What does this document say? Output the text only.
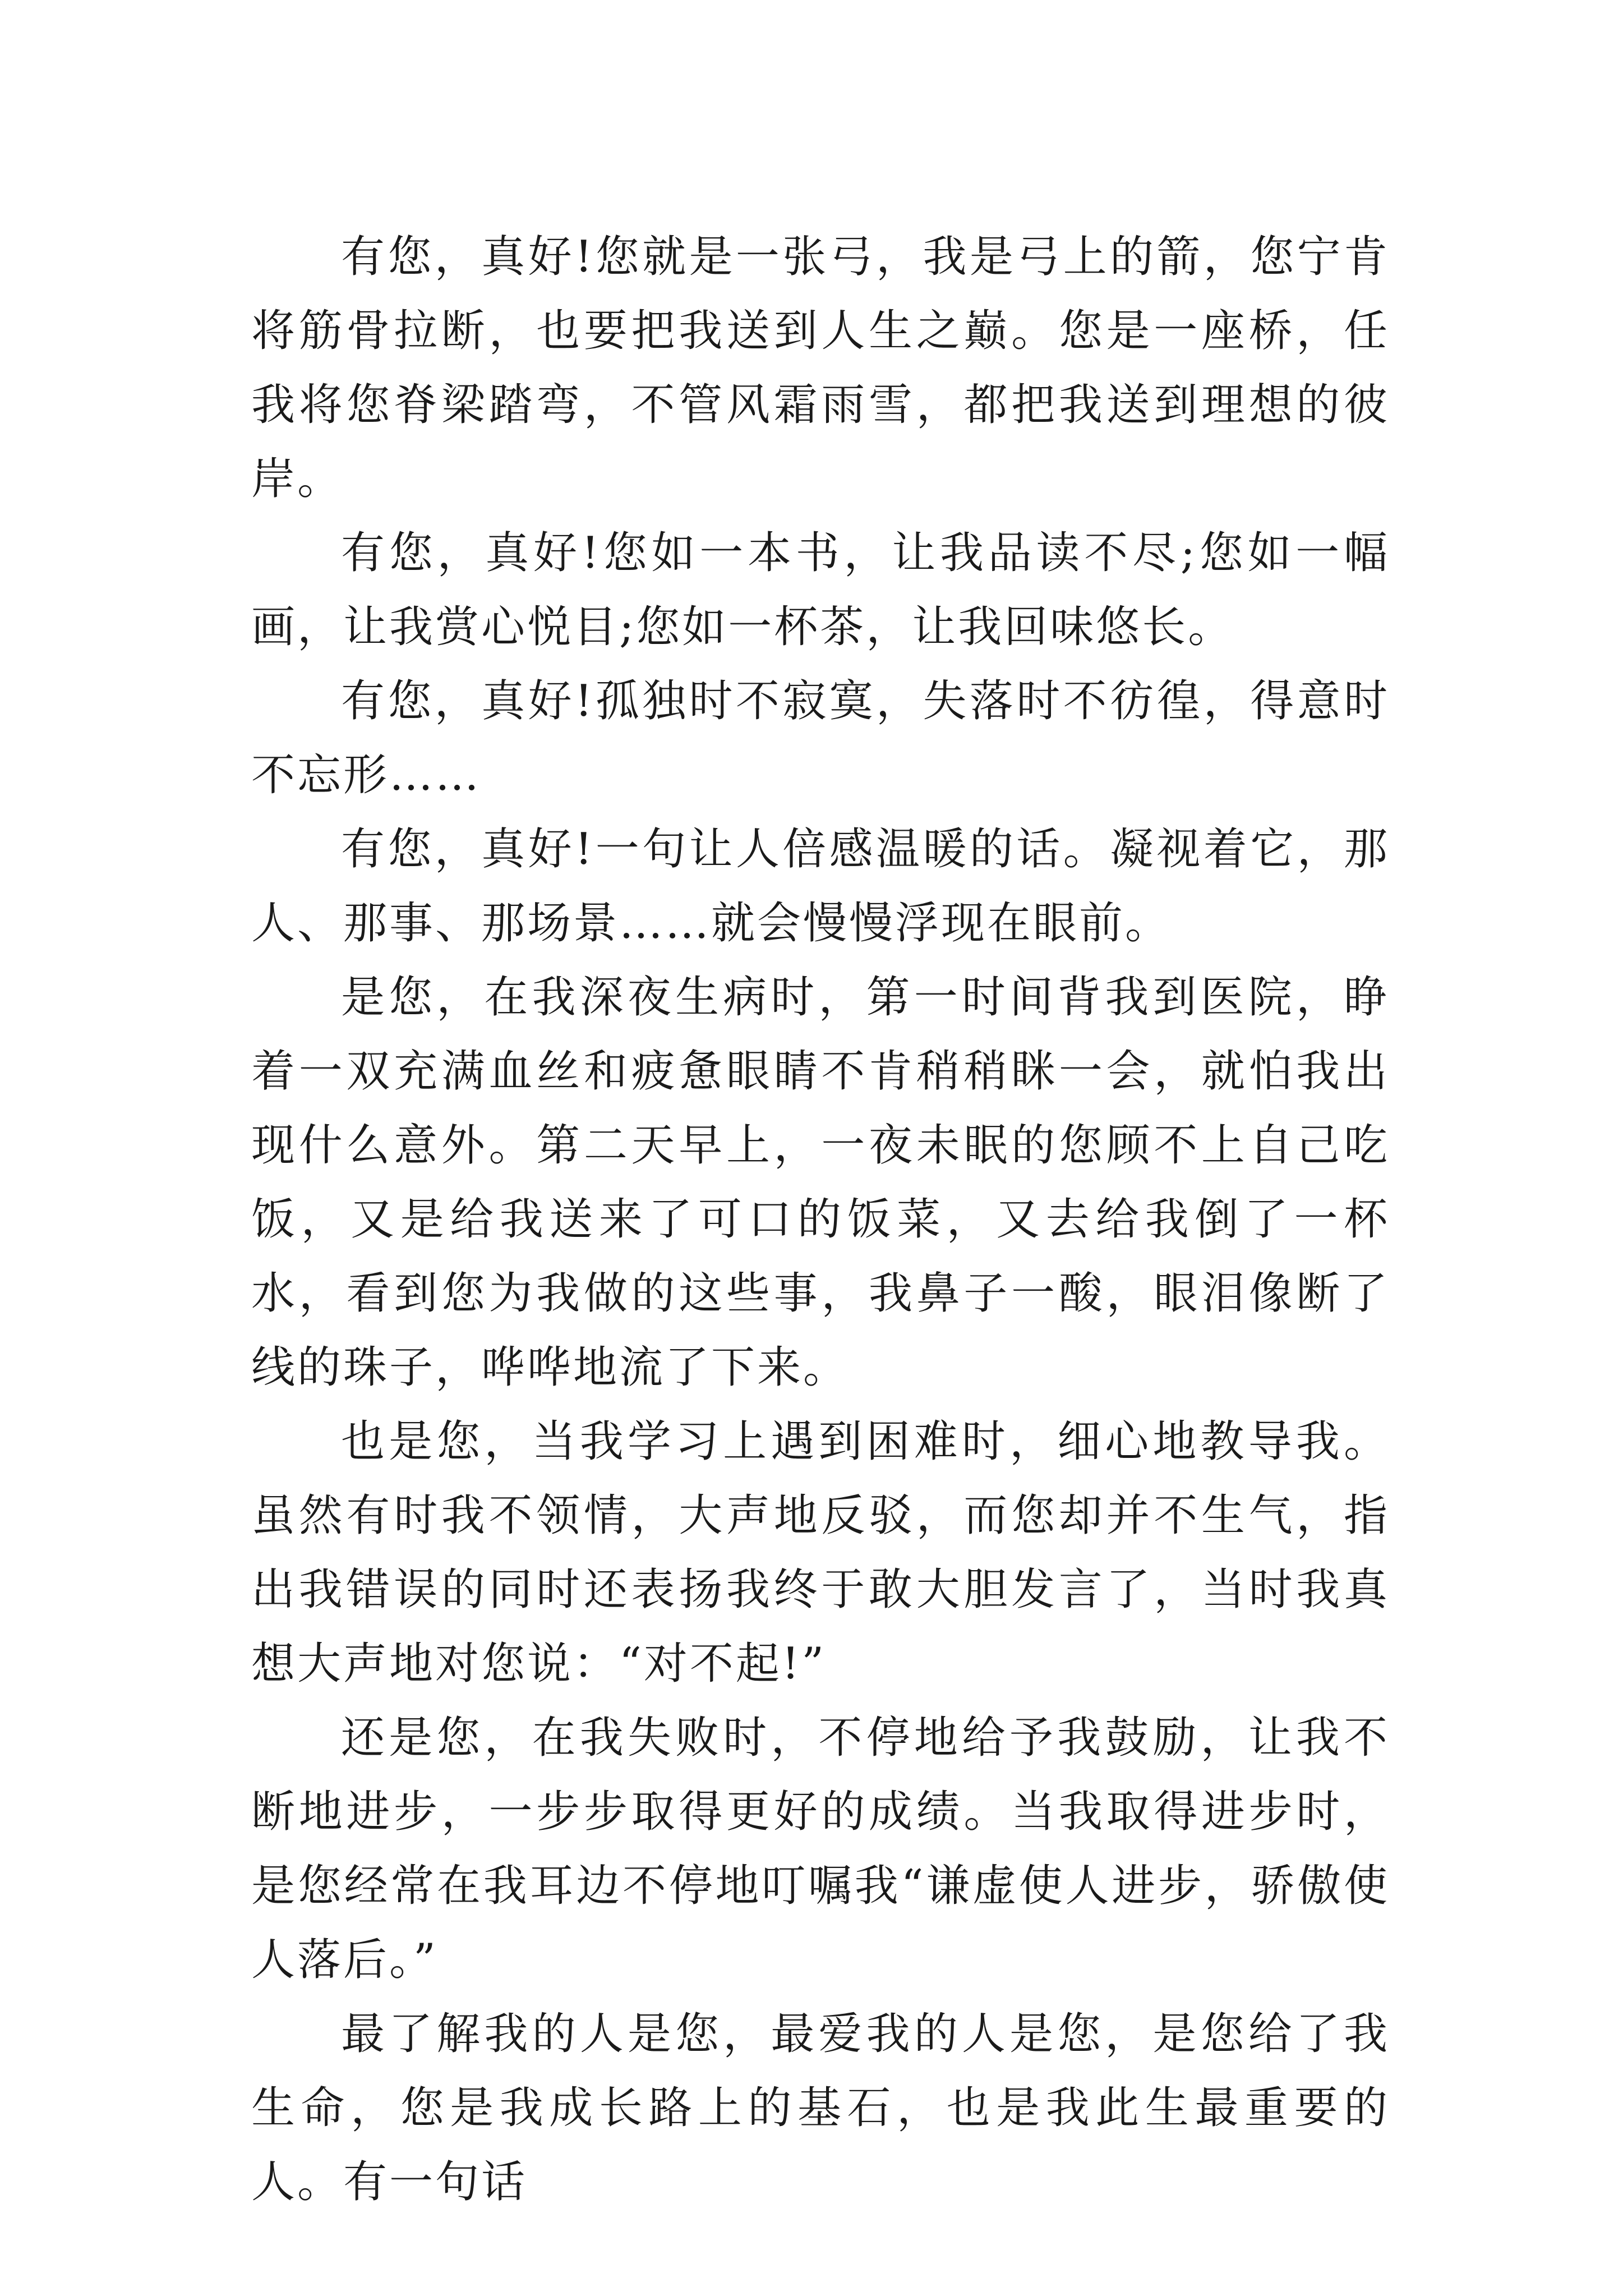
有您，真好!您就是一张弓，我是弓上的箭，您宁肯将筋骨拉断，也要把我送到人生之巅。您是一座桥，任我将您脊梁踏弯，不管风霜雨雪，都把我送到理想的彼岸。

有您，真好!您如一本书，让我品读不尽;您如一幅画，让我赏心悦目;您如一杯茶，让我回味悠长。

有您，真好!孤独时不寂寞，失落时不彷徨，得意时不忘形……

有您，真好!一句让人倍感温暖的话。凝视着它，那人、那事、那场景……就会慢慢浮现在眼前。

是您，在我深夜生病时，第一时间背我到医院，睁着一双充满血丝和疲惫眼睛不肯稍稍眯一会，就怕我出现什么意外。第二天早上，一夜未眠的您顾不上自己吃饭，又是给我送来了可口的饭菜，又去给我倒了一杯水，看到您为我做的这些事，我鼻子一酸，眼泪像断了线的珠子，哗哗地流了下来。

也是您，当我学习上遇到困难时，细心地教导我。虽然有时我不领情，大声地反驳，而您却并不生气，指出我错误的同时还表扬我终于敢大胆发言了，当时我真想大声地对您说：“对不起!”

还是您，在我失败时，不停地给予我鼓励，让我不断地进步，一步步取得更好的成绩。当我取得进步时，是您经常在我耳边不停地叮嘱我“谦虚使人进步，骄傲使人落后。”

最了解我的人是您，最爱我的人是您，是您给了我生命，您是我成长路上的基石，也是我此生最重要的人。有一句话
